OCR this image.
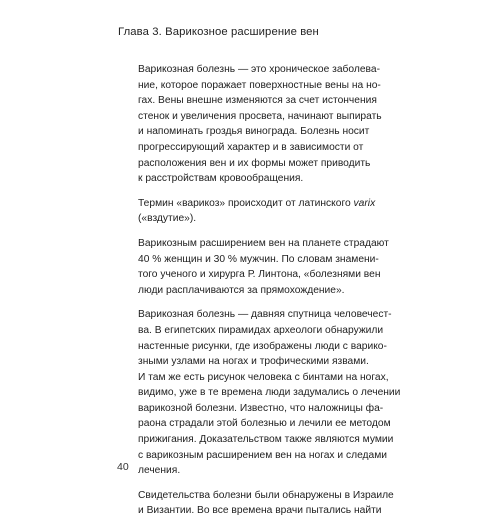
Глава 3. Варикозное расширение вен

Варикозная болезнь — это хроническое заболева-
ние, которое поражает поверхностные вены на но-
гах. Вены внешне изменяются за счет истончения
стенок и увеличения просвета, начинают выпирать
и напоминать гроздья винограда. Болезнь носит
прогрессирующий характер и в зависимости от
расположения вен и их формы может приводить
к расстройствам кровообращения.

Термин «варикоз» происходит от латинского varix
(«вздутие»).

Варикозным расширением вен на планете страдают
40 % женщин и 30 % мужчин. По словам знамени-
того ученого и хирурга Р. Линтона, «болезнями вен
люди расплачиваются за прямохождение».

Варикозная болезнь — давняя спутница человечест-
ва. В египетских пирамидах археологи обнаружили
настенные рисунки, где изображены люди с варико-
зными узлами на ногах и трофическими язвами.
И там же есть рисунок человека с бинтами на ногах,
видимо, уже в те времена люди задумались о лечении
варикозной болезни. Известно, что наложницы фа-
раона страдали этой болезнью и лечили ее методом
прижигания. Доказательством также являются мумии
с варикозным расширением вен на ногах и следами
лечения.

Свидетельства болезни были обнаружены в Израиле
и Византии. Во все времена врачи пытались найти

40
